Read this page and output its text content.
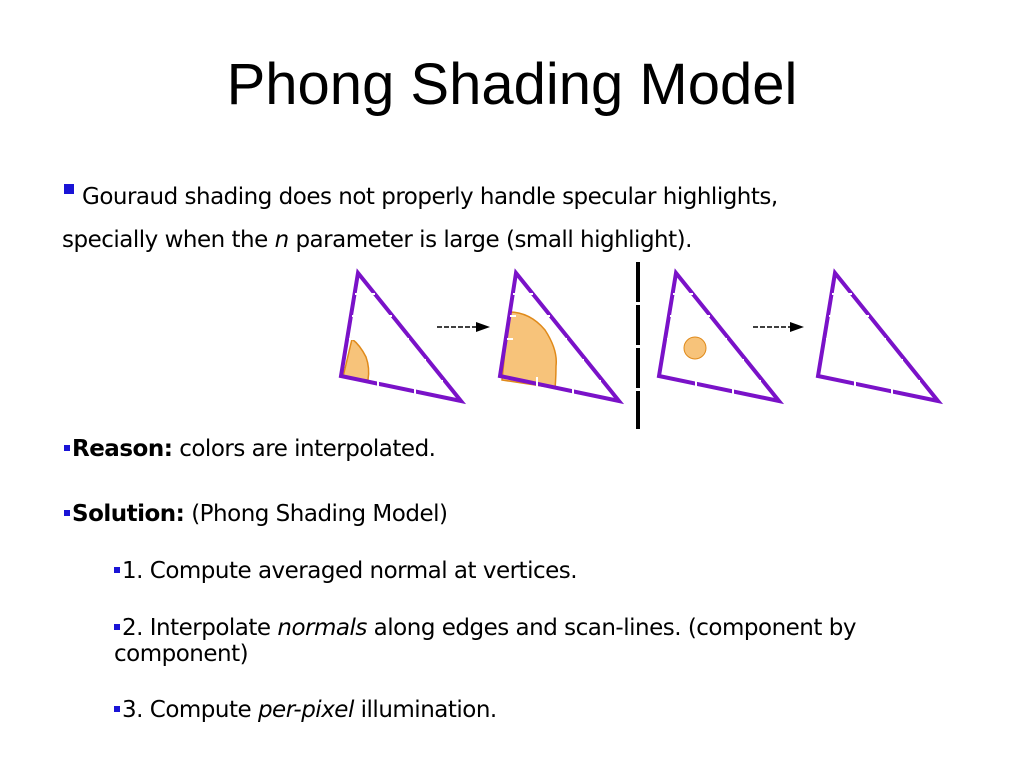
Phong Shading Model
Gouraud shading does not properly handle specular highlights,
specially when the n parameter is large (small highlight).
Reason: colors are interpolated.
Solution: (Phong Shading Model)
1. Compute averaged normal at vertices.
2. Interpolate normals along edges and scan-lines. (component by
component)
3. Compute per-pixel illumination.
